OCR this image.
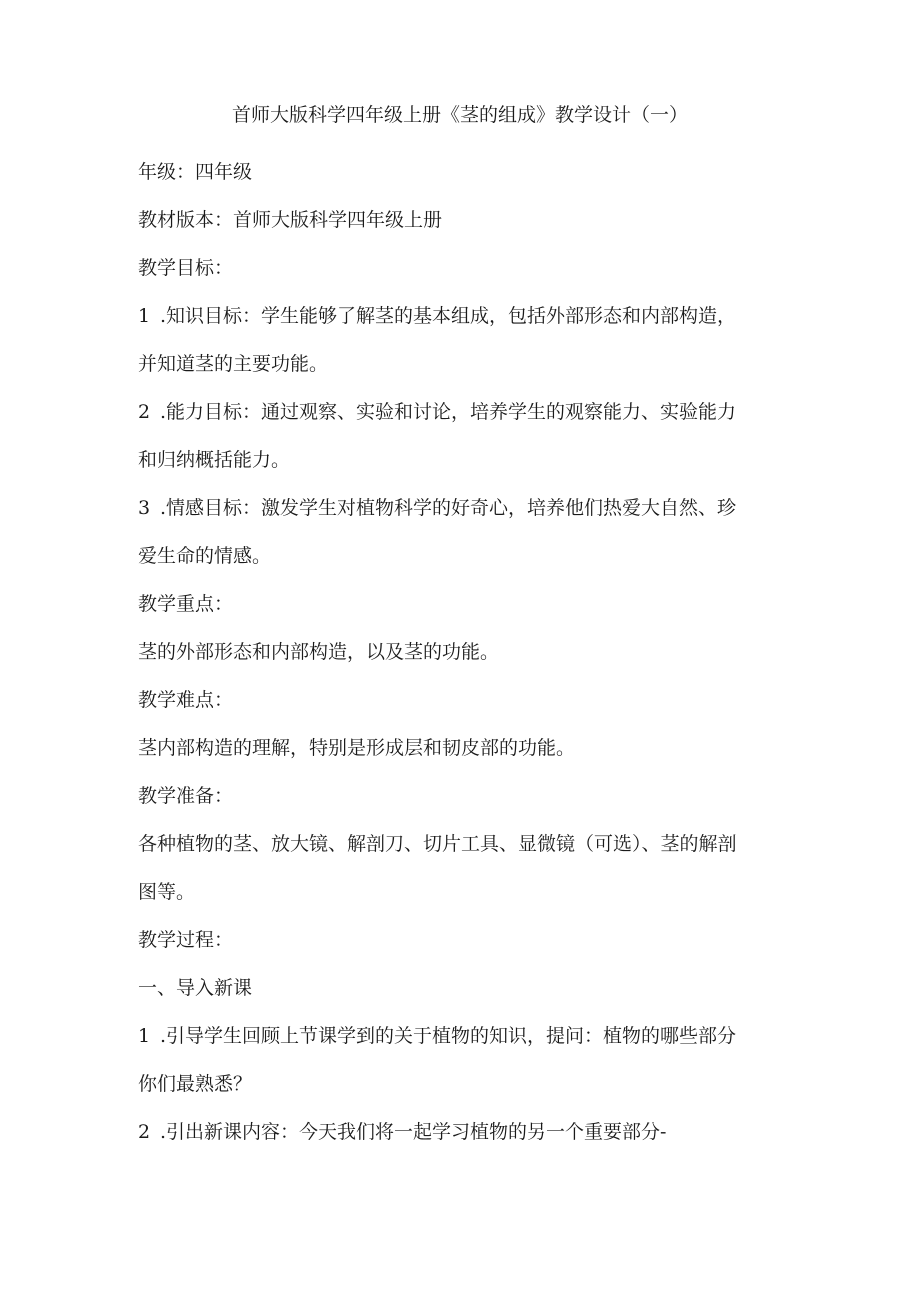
首师大版科学四年级上册《茎的组成》教学设计（一）

年级：四年级

教材版本：首师大版科学四年级上册

教学目标：

1 .知识目标：学生能够了解茎的基本组成，包括外部形态和内部构造，

并知道茎的主要功能。

2 .能力目标：通过观察、实验和讨论，培养学生的观察能力、实验能力

和归纳概括能力。

3 .情感目标：激发学生对植物科学的好奇心，培养他们热爱大自然、珍

爱生命的情感。

教学重点：

茎的外部形态和内部构造，以及茎的功能。

教学难点：

茎内部构造的理解，特别是形成层和韧皮部的功能。

教学准备：

各种植物的茎、放大镜、解剖刀、切片工具、显微镜（可选）、茎的解剖

图等。

教学过程：

一、导入新课

1 .引导学生回顾上节课学到的关于植物的知识，提问：植物的哪些部分

你们最熟悉？

2 .引出新课内容：今天我们将一起学习植物的另一个重要部分-
